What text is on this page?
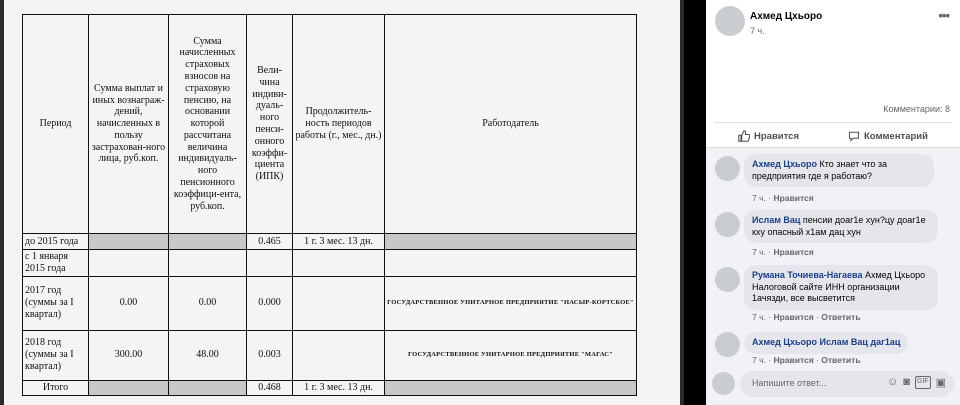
Период	Сумма выплат и иных вознаграж-дений, начисленных в пользу застрахован-ного лица, руб.коп.	Сумма начисленных страховых взносов на страховую пенсию, на основании которой рассчитана величина индивидуаль-ного пенсионного коэффици-ента, руб.коп.	Вели-чина индиви-дуаль-ного пенси-онного коэффи-циента (ИПК)	Продолжитель-ность периодов работы (г., мес., дн.)	Работодатель
до 2015 года			0.465	1 г. 3 мес. 13 дн.	
с 1 января 2015 года					
2017 год (суммы за I квартал)	0.00	0.00	0.000		ГОСУДАРСТВЕННОЕ УНИТАРНОЕ ПРЕДПРИЯТИЕ "НАСЫР-КОРТСКОЕ"
2018 год (суммы за I квартал)	300.00	48.00	0.003		ГОСУДАРСТВЕННОЕ УНИТАРНОЕ ПРЕДПРИЯТИЕ "МАГАС"
Итого			0.468	1 г. 3 мес. 13 дн.	
Ахмед Цхьоро
7 ч.
•••
Комментарии: 8
Нравится	Комментарий
Ахмед Цхьоро Кто знает что за предприятия где я работаю?
7 ч. · Нравится
Ислам Вац пенсии доаг1е хун?цу доаг1е кху опасный х1ам дац хун
7 ч. · Нравится
Румана Точиева-Нагаева Ахмед Цхьоро Налоговой сайте ИНН организации 1ачязди, все высветится
7 ч. · Нравится · Ответить
Ахмед Цхьоро Ислам Вац даг1ац
7 ч. · Нравится · Ответить
Напишите ответ...	☺ ◙ GIF ▣
